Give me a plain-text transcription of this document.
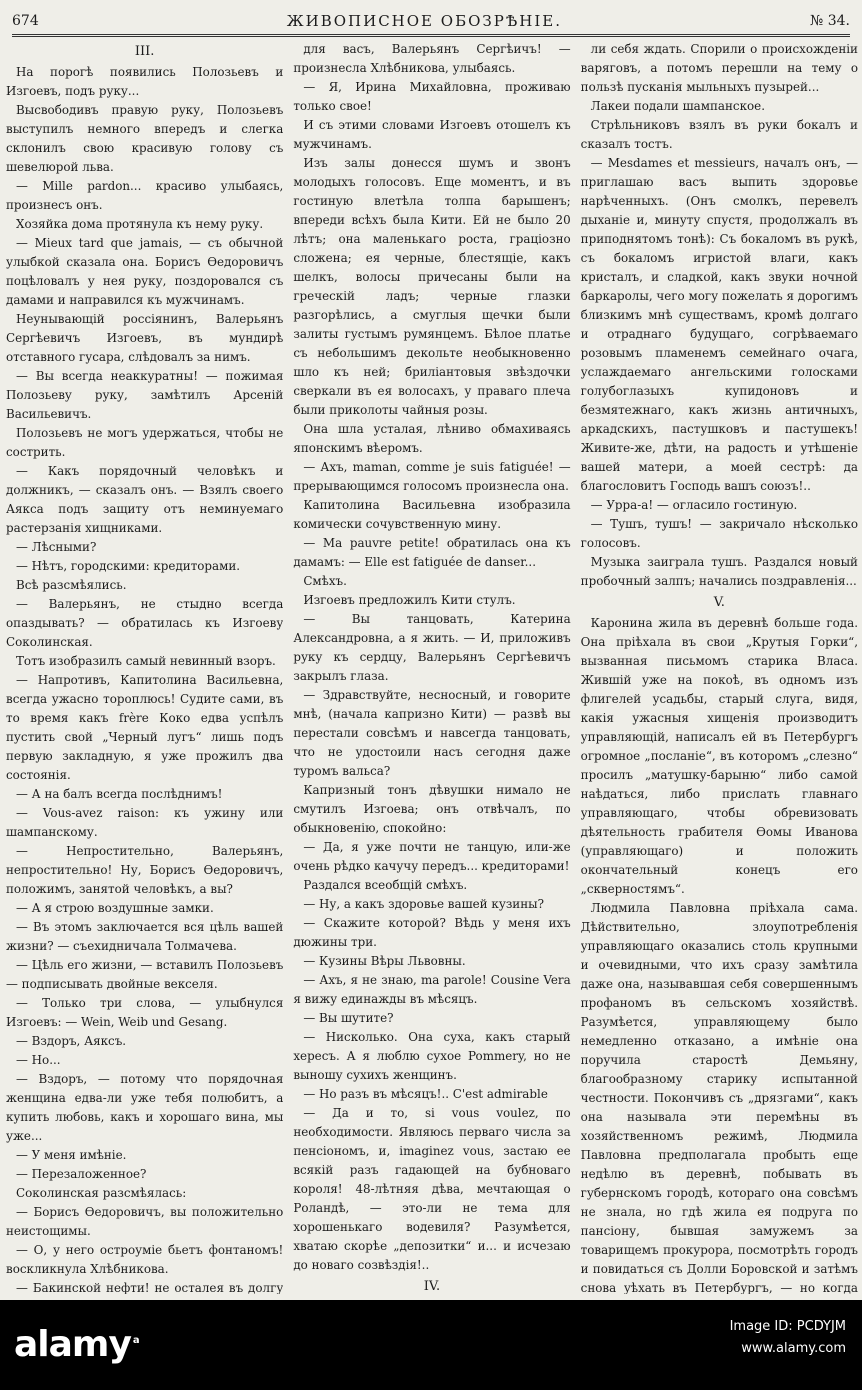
674	ЖИВОПИСНОЕ ОБОЗРѢНІЕ.	№ 34.

III.

На порогѣ появились Полозьевъ и Изгоевъ, подъ руку...

Высвободивъ правую руку, Полозьевъ выступилъ немного впередъ и слегка склонилъ свою красивую голову съ шевелюрой льва.

— Mille pardon... красиво улыбаясь, произнесъ онъ.

Хозяйка дома протянула къ нему руку.

— Mieux tard que jamais, — съ обычной улыбкой сказала она. Борисъ Ѳедоровичъ поцѣловалъ у нея руку, поздоровался съ дамами и направился къ мужчинамъ.

Неунывающій россіянинъ, Валерьянъ Сергѣевичъ Изгоевъ, въ мундирѣ отставного гусара, слѣдовалъ за нимъ.

— Вы всегда неаккуратны! — пожимая Полозьеву руку, замѣтилъ Арсеній Васильевичъ.

Полозьевъ не могъ удержаться, чтобы не сострить.

— Какъ порядочный человѣкъ и должникъ, — сказалъ онъ. — Взялъ своего Аякса подъ защиту отъ неминуемаго растерзанія хищниками.

— Лѣсными?

— Нѣтъ, городскими: кредиторами.

Всѣ разсмѣялись.

— Валерьянъ, не стыдно всегда опаздывать? — обратилась къ Изгоеву Соколинская.

Тотъ изобразилъ самый невинный взоръ.

— Напротивъ, Капитолина Васильевна, всегда ужасно тороплюсь! Судите сами, въ то время какъ frère Коко едва успѣлъ пустить свой „Черный лугъ“ лишь подъ первую закладную, я уже прожилъ два состоянія.

— А на балъ всегда послѣднимъ!

— Vous-avez raison: къ ужину или шампанскому.

— Непростительно, Валерьянъ, непростительно! Ну, Борисъ Ѳедоровичъ, положимъ, занятой человѣкъ, а вы?

— А я строю воздушные замки.

— Въ этомъ заключается вся цѣль вашей жизни? — съехидничала Толмачева.

— Цѣль его жизни, — вставилъ Полозьевъ — подписывать двойные векселя.

— Только три слова, — улыбнулся Изгоевъ: — Wein, Weib und Gesang.

— Вздоръ, Аяксъ.

— Но...

— Вздоръ, — потому что порядочная женщина едва-ли уже тебя полюбитъ, а купить любовь, какъ и хорошаго вина, мы уже...

— У меня имѣніе.

— Перезаложенное?

Соколинская разсмѣялась:

— Борисъ Ѳедоровичъ, вы положительно неистощимы.

— О, у него остроуміе бьетъ фонтаномъ! воскликнула Хлѣбникова.

— Бакинской нефти! не осталея въ долгу

для васъ, Валерьянъ Сергѣичъ! — произнесла Хлѣбникова, улыбаясь.

— Я, Ирина Михайловна, проживаю только свое!

И съ этими словами Изгоевъ отошелъ къ мужчинамъ.

Изъ залы донесся шумъ и звонъ молодыхъ голосовъ. Еще моментъ, и въ гостиную влетѣла толпа барышенъ; впереди всѣхъ была Кити. Ей не было 20 лѣтъ; она маленькаго роста, граціозно сложена; ея черные, блестящіе, какъ шелкъ, волосы причесаны были на греческій ладъ; черные глазки разгорѣлись, а смуглыя щечки были залиты густымъ румянцемъ. Бѣлое платье съ небольшимъ декольте необыкновенно шло къ ней; бриліантовыя звѣздочки сверкали въ ея волосахъ, у праваго плеча были приколоты чайныя розы.

Она шла усталая, лѣниво обмахиваясь японскимъ вѣеромъ.

— Ахъ, maman, comme je suis fatiguée! — прерывающимся голосомъ произнесла она.

Капитолина Васильевна изобразила комически сочувственную мину.

— Ma pauvre petite! обратилась она къ дамамъ: — Elle est fatiguée de danser...

Смѣхъ.

Изгоевъ предложилъ Кити стулъ.

— Вы танцовать, Катерина Александровна, а я жить. — И, приложивъ руку къ сердцу, Валерьянъ Сергѣевичъ закрылъ глаза.

— Здравствуйте, несносный, и говорите мнѣ, (начала капризно Кити) — развѣ вы перестали совсѣмъ и навсегда танцовать, что не удостоили насъ сегодня даже туромъ вальса?

Капризный тонъ дѣвушки нимало не смутилъ Изгоева; онъ отвѣчалъ, по обыкновенію, спокойно:

— Да, я уже почти не танцую, или-же очень рѣдко качучу передъ... кредиторами!

Раздался всеобщій смѣхъ.

— Ну, а какъ здоровье вашей кузины?

— Скажите которой? Вѣдь у меня ихъ дюжины три.

— Кузины Вѣры Львовны.

— Ахъ, я не знаю, ma parole! Cousine Vera я вижу единажды въ мѣсяцъ.

— Вы шутите?

— Нисколько. Она суха, какъ старый хересъ. А я люблю сухое Pommery, но не выношу сухихъ женщинъ.

— Но разъ въ мѣсяцъ!.. C'est admirable

— Да и то, si vous voulez, по необходимости. Являюсь перваго числа за пенсіономъ, и, imaginez vous, застаю ее всякій разъ гадающей на бубноваго короля! 48-лѣтняя дѣва, мечтающая о Роландѣ, — это-ли не тема для хорошенькаго водевиля? Разумѣется, хватаю скорѣе „депозитки“ и... и исчезаю до новаго созвѣздія!..

IV.

ли себя ждать. Спорили о происхожденіи варяговъ, а потомъ перешли на тему о пользѣ пусканія мыльныхъ пузырей...

Лакеи подали шампанское.

Стрѣльниковъ взялъ въ руки бокалъ и сказалъ тостъ.

— Mesdames et messieurs, началъ онъ, — приглашаю васъ выпить здоровье нарѣченныхъ. (Онъ смолкъ, перевелъ дыханіе и, минуту спустя, продолжалъ въ приподнятомъ тонѣ): Съ бокаломъ въ рукѣ, съ бокаломъ игристой влаги, какъ кристалъ, и сладкой, какъ звуки ночной баркаролы, чего могу пожелать я дорогимъ близкимъ мнѣ существамъ, кромѣ долгаго и отраднаго будущаго, согрѣваемаго розовымъ пламенемъ семейнаго очага, услаждаемаго ангельскими голосками голубоглазыхъ купидоновъ и безмятежнаго, какъ жизнь античныхъ, аркадскихъ, пастушковъ и пастушекъ! Живите-же, дѣти, на радость и утѣшеніе вашей матери, а моей сестрѣ: да благословитъ Господь вашъ союзъ!..

— Урра-а! — огласило гостиную.

— Тушъ, тушъ! — закричало нѣсколько голосовъ.

Музыка заиграла тушъ. Раздался новый пробочный залпъ; начались поздравленія...

V.

Каронина жила въ деревнѣ больше года. Она пріѣхала въ свои „Крутыя Горки“, вызванная письмомъ старика Власа. Жившій уже на покоѣ, въ одномъ изъ флигелей усадьбы, старый слуга, видя, какія ужасныя хищенія производитъ управляющій, написалъ ей въ Петербургъ огромное „посланіе“, въ которомъ „слезно“ просилъ „матушку-барыню“ либо самой наѣдаться, либо прислать главнаго управляющаго, чтобы обревизовать дѣятельность грабителя Ѳомы Иванова (управляющаго) и положить окончательный конецъ его „скверностямъ“.

Людмила Павловна пріѣхала сама. Дѣйствительно, злоупотребленія управляющаго оказались столь крупными и очевидными, что ихъ сразу замѣтила даже она, называвшая себя совершеннымъ профаномъ въ сельскомъ хозяйствѣ. Разумѣется, управляющему было немедленно отказано, а имѣніе она поручила старостѣ Демьяну, благообразному старику испытанной честности. Покончивъ съ „дрязгами“, какъ она называла эти перемѣны въ хозяйственномъ режимѣ, Людмила Павловна предполагала пробыть еще недѣлю въ деревнѣ, побывать въ губернскомъ городѣ, котораго она совсѣмъ не знала, но гдѣ жила ея подруга по пансіону, бывшая замужемъ за товарищемъ прокурора, посмотрѣть городъ и повидаться съ Долли Боровской и затѣмъ снова уѣхать въ Петербургъ, — но когда

alamy $^a$
Image ID: PCDYJM
www.alamy.com
